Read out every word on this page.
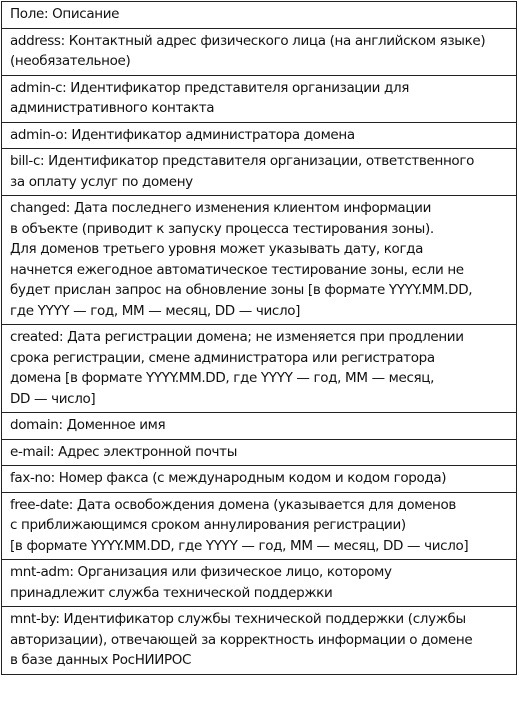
Поле: Описание
address: Контактный адрес физического лица (на английском языке)
(необязательное)
admin-c: Идентификатор представителя организации для
административного контакта
admin-o: Идентификатор администратора домена
bill-c: Идентификатор представителя организации, ответственного
за оплату услуг по домену
changed: Дата последнего изменения клиентом информации
в объекте (приводит к запуску процесса тестирования зоны).
Для доменов третьего уровня может указывать дату, когда
начнется ежегодное автоматическое тестирование зоны, если не
будет прислан запрос на обновление зоны [в формате YYYY.MM.DD,
где YYYY — год, MM — месяц, DD — число]
created: Дата регистрации домена; не изменяется при продлении
срока регистрации, смене администратора или регистратора
домена [в формате YYYY.MM.DD, где YYYY — год, MM — месяц,
DD — число]
domain: Доменное имя
e-mail: Адрес электронной почты
fax-no: Номер факса (с международным кодом и кодом города)
free-date: Дата освобождения домена (указывается для доменов
с приближающимся сроком аннулирования регистрации)
[в формате YYYY.MM.DD, где YYYY — год, MM — месяц, DD — число]
mnt-adm: Организация или физическое лицо, которому
принадлежит служба технической поддержки
mnt-by: Идентификатор службы технической поддержки (службы
авторизации), отвечающей за корректность информации о домене
в базе данных РосНИИРОС
